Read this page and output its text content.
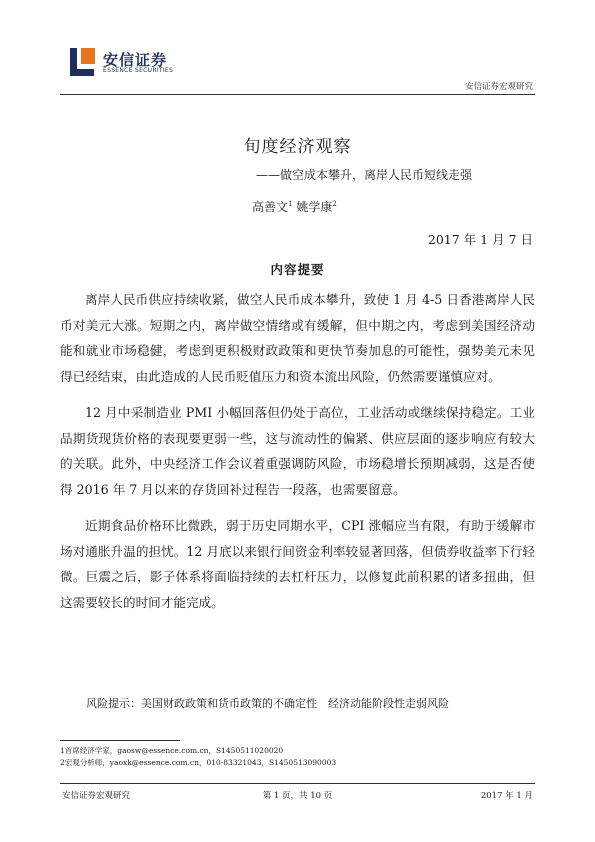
安信证券
ESSENCE SECURITIES
安信证券宏观研究
旬度经济观察
——做空成本攀升，离岸人民币短线走强
高善文$^1$ 姚学康$^2$
2017 年 1 月 7 日
内容提要

离岸人民币供应持续收紧，做空人民币成本攀升，致使 1 月 4-5 日香港离岸人民币对美元大涨。短期之内，离岸做空情绪或有缓解，但中期之内，考虑到美国经济动能和就业市场稳健，考虑到更积极财政政策和更快节奏加息的可能性，强势美元未见得已经结束，由此造成的人民币贬值压力和资本流出风险，仍然需要谨慎应对。

12 月中采制造业 PMI 小幅回落但仍处于高位，工业活动或继续保持稳定。工业品期货现货价格的表现要更弱一些，这与流动性的偏紧、供应层面的逐步响应有较大的关联。此外，中央经济工作会议着重强调防风险，市场稳增长预期减弱，这是否使得 2016 年 7 月以来的存货回补过程告一段落，也需要留意。

近期食品价格环比微跌，弱于历史同期水平，CPI 涨幅应当有限，有助于缓解市场对通胀升温的担忧。12 月底以来银行间资金利率较显著回落，但债券收益率下行轻微。巨震之后，影子体系将面临持续的去杠杆压力，以修复此前积累的诸多扭曲，但这需要较长的时间才能完成。

风险提示：美国财政政策和货币政策的不确定性　经济动能阶段性走弱风险
1首席经济学家，gaosw@essence.com.cn，S1450511020020
2宏观分析师，yaoxk@essence.com.cn，010-83321043，S1450513090003
安信证券宏观研究	第 1 页，共 10 页	2017 年 1 月
